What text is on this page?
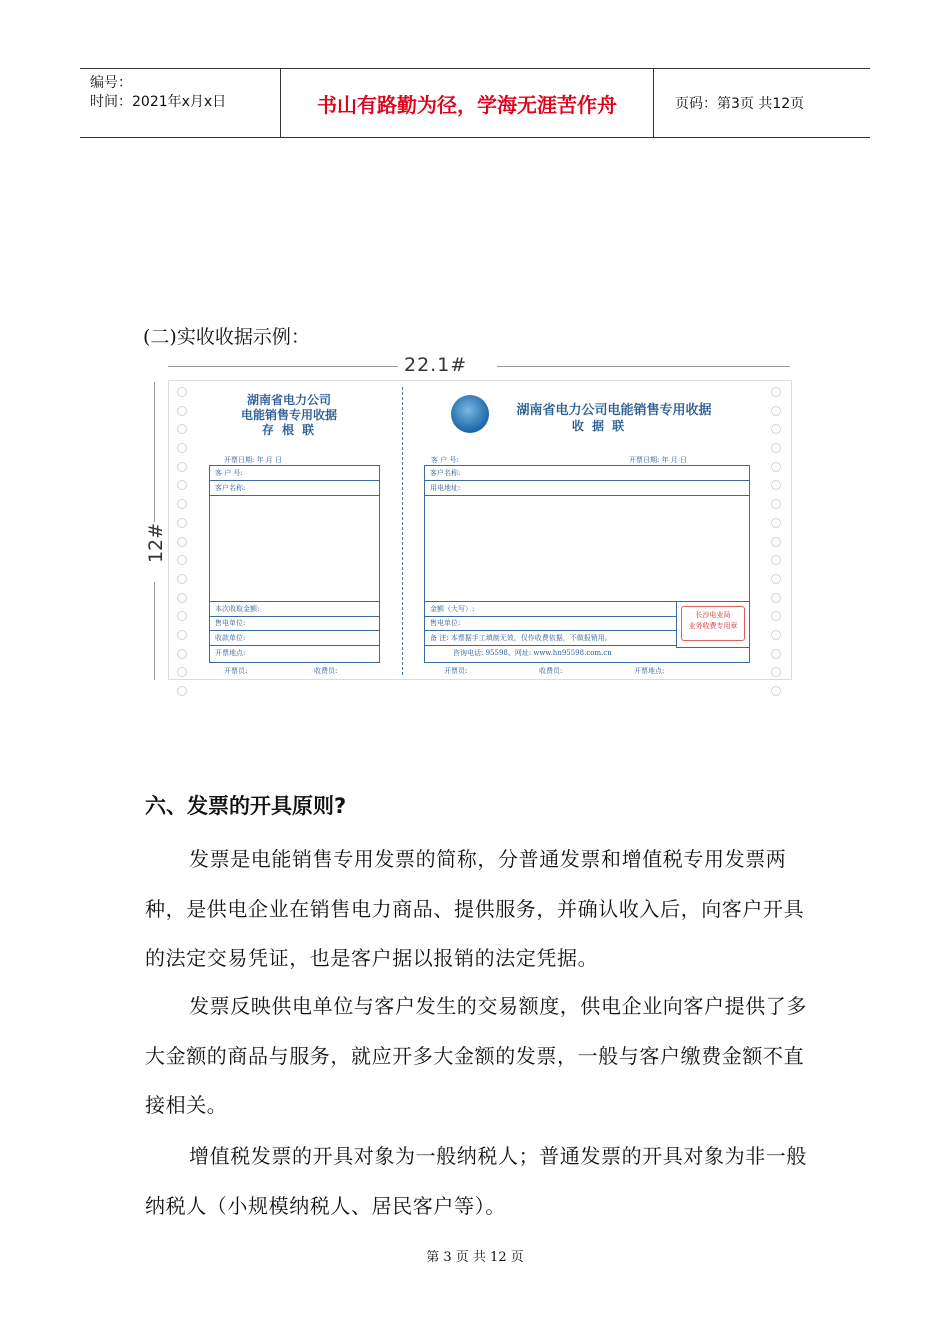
编号：
时间：2021年x月x日	书山有路勤为径，学海无涯苦作舟	页码：第3页 共12页
(二)实收收据示例：
22.1#
12#
湖南省电力公司
电能销售专用收据
存 根 联
开票日期: 年 月 日
客 户 号:
客户名称:
本次收取金额:
售电单位:
收款单位:
开票地点:
开票员:	收费员:
湖南省电力公司电能销售专用收据
收 据 联
客 户 号:	开票日期: 年 月 日
客户名称:
用电地址:
金额（大写）:
售电单位:
备 注: 本票据手工填制无效，仅作收费依据，不做报销用。
咨询电话: 95598。网址: www.hn95598.com.cn
长沙电业局
业务收费专用章
开票员:	收费员:	开票地点:
六、发票的开具原则?
发票是电能销售专用发票的简称，分普通发票和增值税专用发票两种，是供电企业在销售电力商品、提供服务，并确认收入后，向客户开具的法定交易凭证，也是客户据以报销的法定凭据。
发票反映供电单位与客户发生的交易额度，供电企业向客户提供了多大金额的商品与服务，就应开多大金额的发票，一般与客户缴费金额不直接相关。
增值税发票的开具对象为一般纳税人；普通发票的开具对象为非一般纳税人（小规模纳税人、居民客户等）。
第 3 页 共 12 页
